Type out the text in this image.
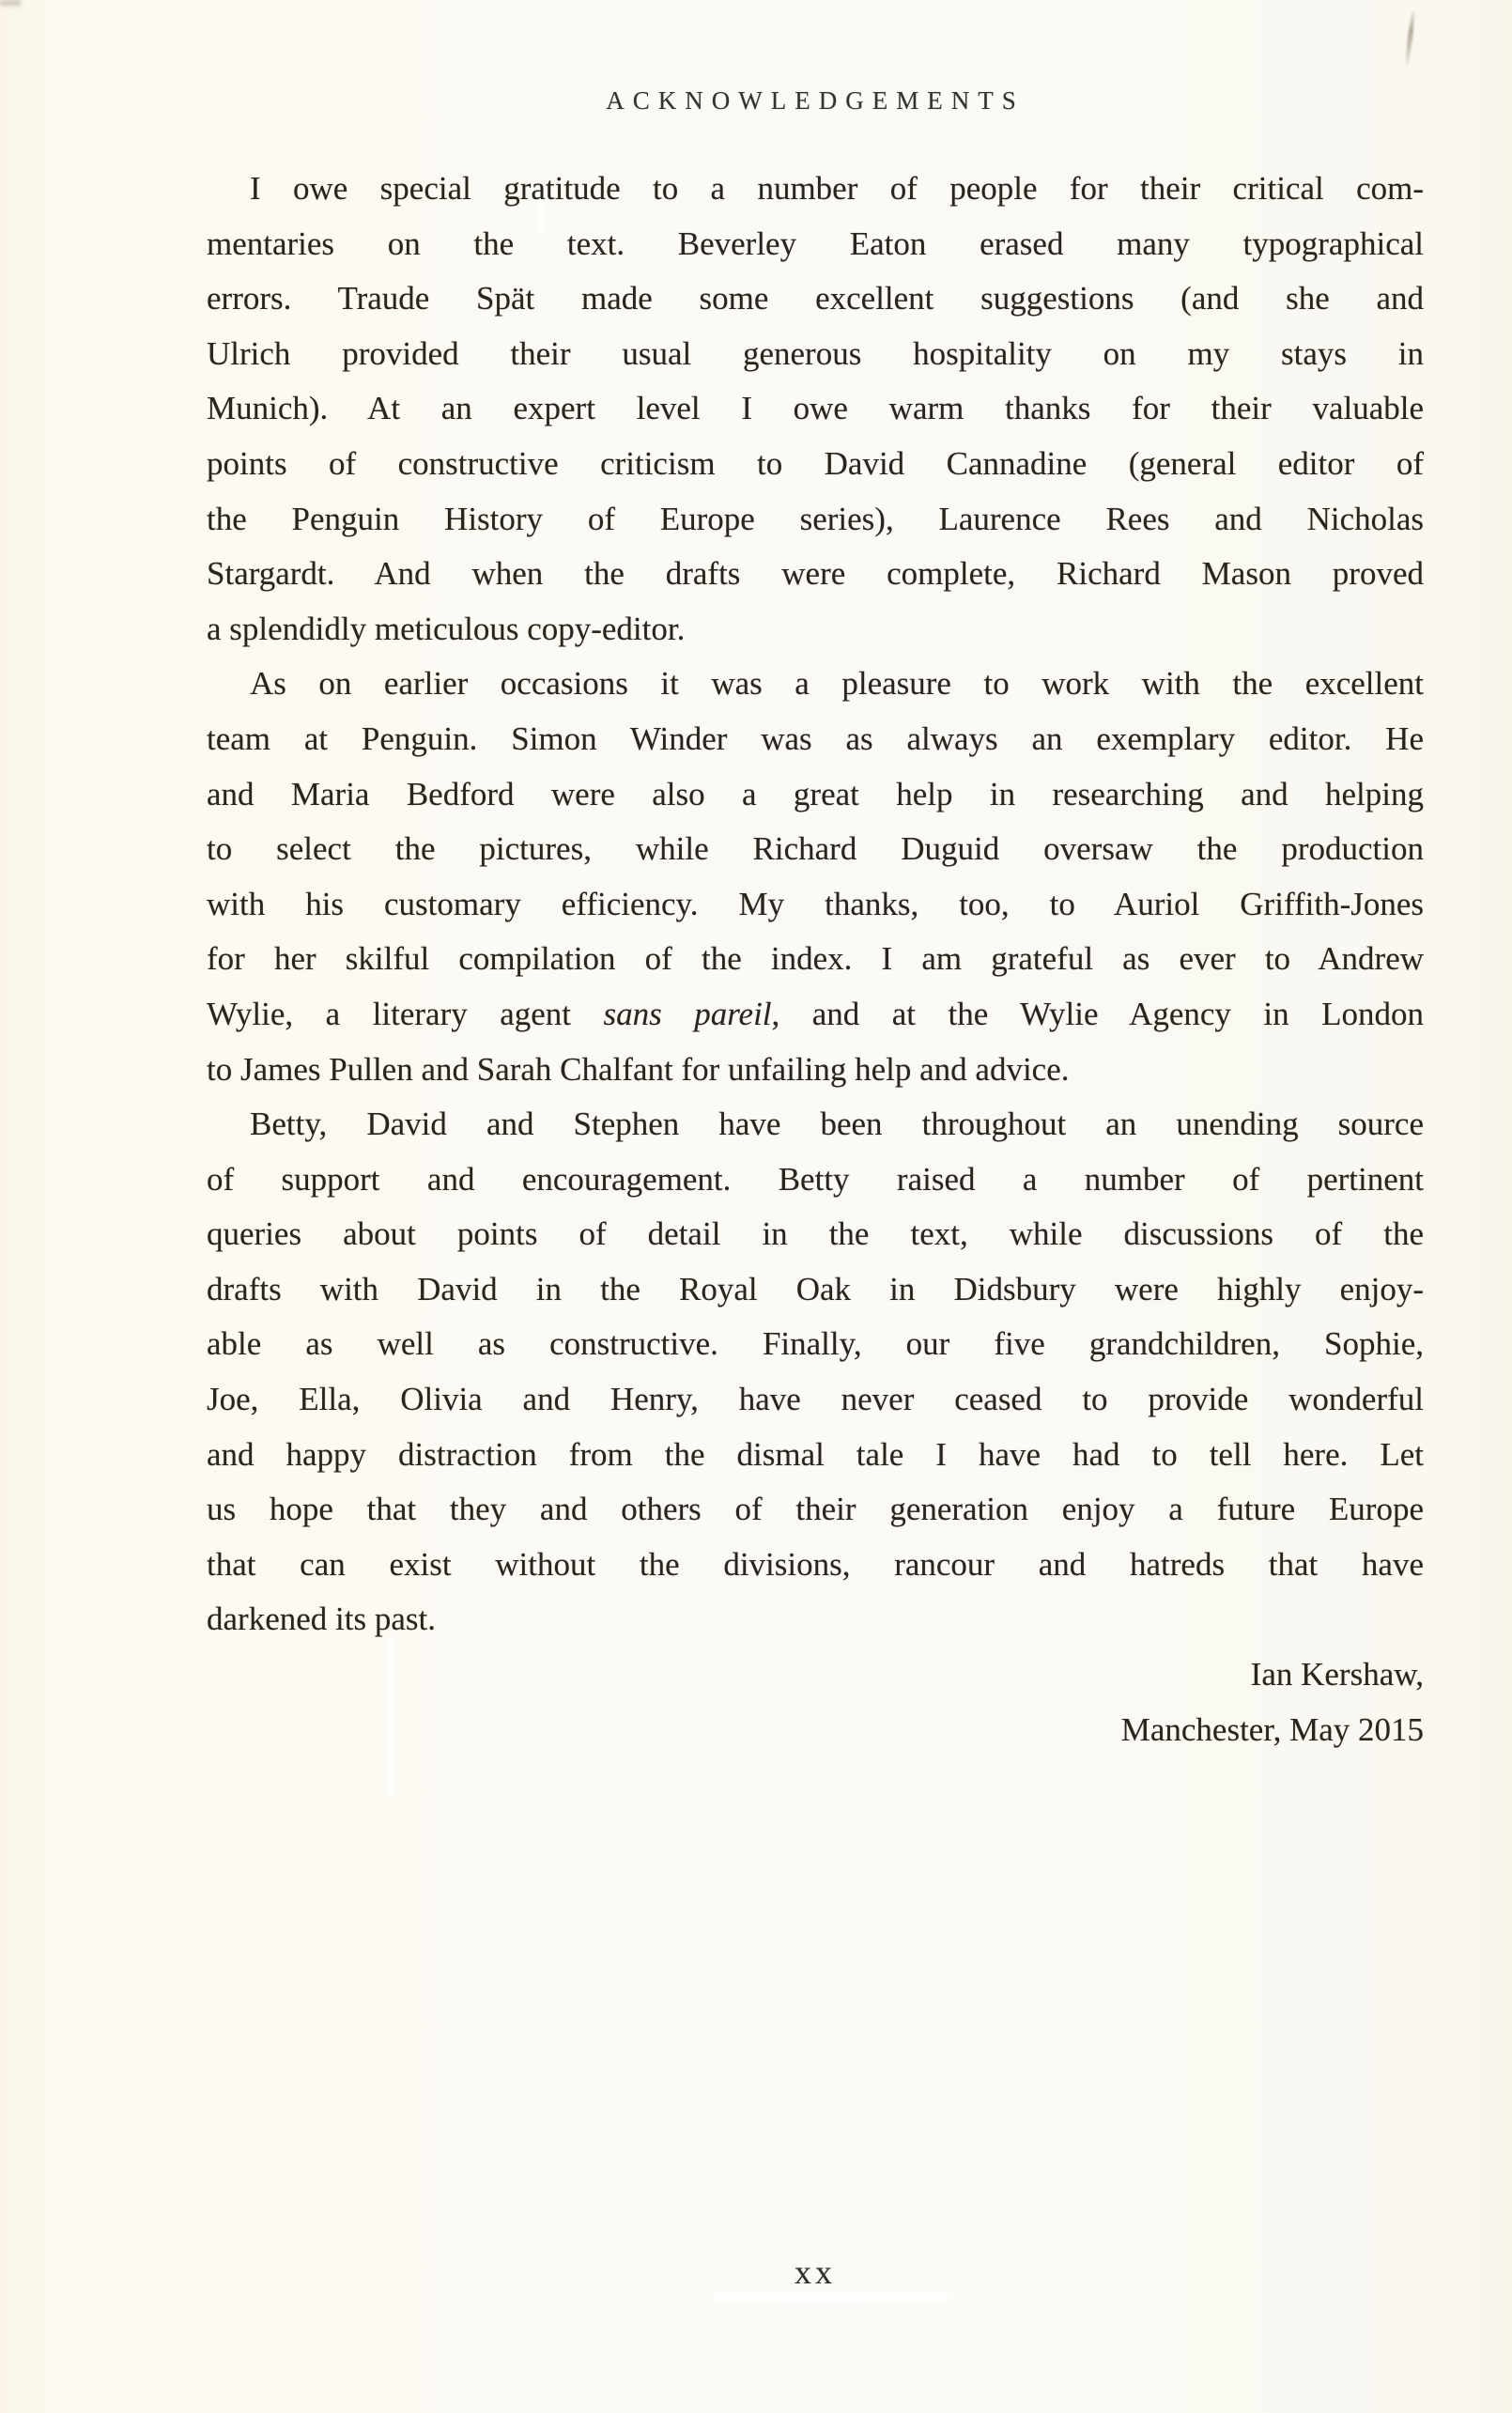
ACKNOWLEDGEMENTS
I owe special gratitude to a number of people for their critical com-
mentaries on the text. Beverley Eaton erased many typographical
errors. Traude Spät made some excellent suggestions (and she and
Ulrich provided their usual generous hospitality on my stays in
Munich). At an expert level I owe warm thanks for their valuable
points of constructive criticism to David Cannadine (general editor of
the Penguin History of Europe series), Laurence Rees and Nicholas
Stargardt. And when the drafts were complete, Richard Mason proved
a splendidly meticulous copy-editor.
As on earlier occasions it was a pleasure to work with the excellent
team at Penguin. Simon Winder was as always an exemplary editor. He
and Maria Bedford were also a great help in researching and helping
to select the pictures, while Richard Duguid oversaw the production
with his customary efficiency. My thanks, too, to Auriol Griffith-Jones
for her skilful compilation of the index. I am grateful as ever to Andrew
Wylie, a literary agent sans pareil, and at the Wylie Agency in London
to James Pullen and Sarah Chalfant for unfailing help and advice.
Betty, David and Stephen have been throughout an unending source
of support and encouragement. Betty raised a number of pertinent
queries about points of detail in the text, while discussions of the
drafts with David in the Royal Oak in Didsbury were highly enjoy-
able as well as constructive. Finally, our five grandchildren, Sophie,
Joe, Ella, Olivia and Henry, have never ceased to provide wonderful
and happy distraction from the dismal tale I have had to tell here. Let
us hope that they and others of their generation enjoy a future Europe
that can exist without the divisions, rancour and hatreds that have
darkened its past.
Ian Kershaw,
Manchester, May 2015
xx
